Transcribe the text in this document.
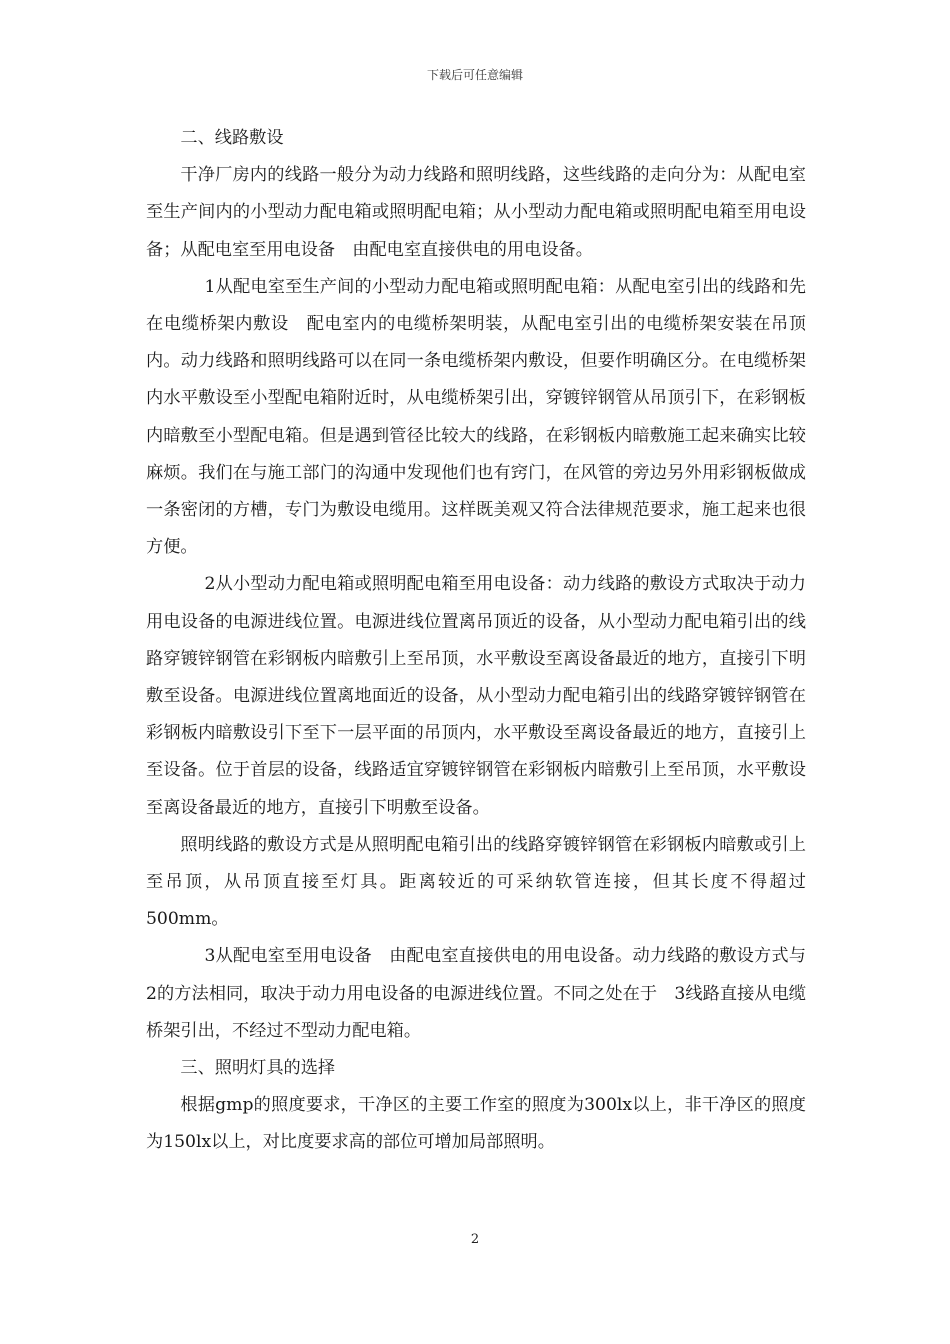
下载后可任意编辑

二、线路敷设

干净厂房内的线路一般分为动力线路和照明线路，这些线路的走向分为：从配电室至生产间内的小型动力配电箱或照明配电箱；从小型动力配电箱或照明配电箱至用电设备；从配电室至用电设备　由配电室直接供电的用电设备。

1从配电室至生产间的小型动力配电箱或照明配电箱：从配电室引出的线路和先在电缆桥架内敷设　配电室内的电缆桥架明装，从配电室引出的电缆桥架安装在吊顶内。动力线路和照明线路可以在同一条电缆桥架内敷设，但要作明确区分。在电缆桥架内水平敷设至小型配电箱附近时，从电缆桥架引出，穿镀锌钢管从吊顶引下，在彩钢板内暗敷至小型配电箱。但是遇到管径比较大的线路，在彩钢板内暗敷施工起来确实比较麻烦。我们在与施工部门的沟通中发现他们也有窍门，在风管的旁边另外用彩钢板做成一条密闭的方槽，专门为敷设电缆用。这样既美观又符合法律规范要求，施工起来也很方便。

2从小型动力配电箱或照明配电箱至用电设备：动力线路的敷设方式取决于动力用电设备的电源进线位置。电源进线位置离吊顶近的设备，从小型动力配电箱引出的线路穿镀锌钢管在彩钢板内暗敷引上至吊顶，水平敷设至离设备最近的地方，直接引下明敷至设备。电源进线位置离地面近的设备，从小型动力配电箱引出的线路穿镀锌钢管在彩钢板内暗敷设引下至下一层平面的吊顶内，水平敷设至离设备最近的地方，直接引上至设备。位于首层的设备，线路适宜穿镀锌钢管在彩钢板内暗敷引上至吊顶，水平敷设至离设备最近的地方，直接引下明敷至设备。

照明线路的敷设方式是从照明配电箱引出的线路穿镀锌钢管在彩钢板内暗敷或引上至吊顶，从吊顶直接至灯具。距离较近的可采纳软管连接，但其长度不得超过500mm。

3从配电室至用电设备　由配电室直接供电的用电设备。动力线路的敷设方式与　2的方法相同，取决于动力用电设备的电源进线位置。不同之处在于　3线路直接从电缆桥架引出，不经过不型动力配电箱。

三、照明灯具的选择

根据gmp的照度要求，干净区的主要工作室的照度为300lx以上，非干净区的照度为150lx以上，对比度要求高的部位可增加局部照明。

2
